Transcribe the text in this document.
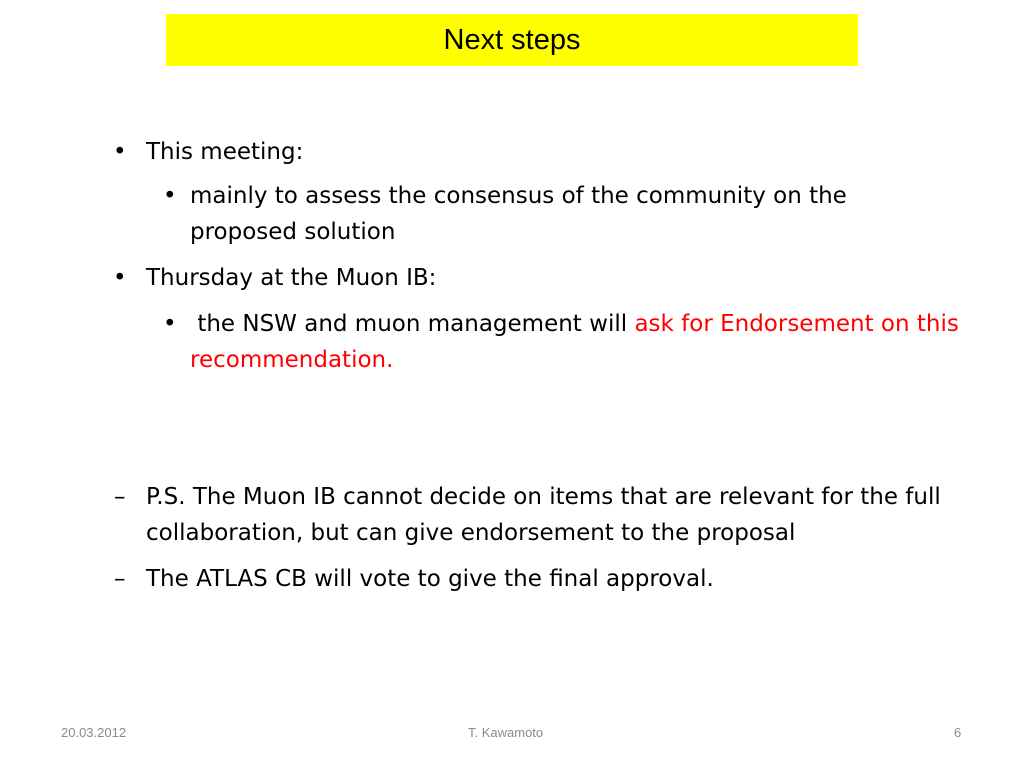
Next steps
• This meeting:
• mainly to assess the consensus of the community on the proposed solution
• Thursday at the Muon IB:
• the NSW and muon management will ask for Endorsement on this recommendation.
– P.S. The Muon IB cannot decide on items that are relevant for the full collaboration, but can give endorsement to the proposal
– The ATLAS CB will vote to give the final approval.
20.03.2012	T. Kawamoto	6
